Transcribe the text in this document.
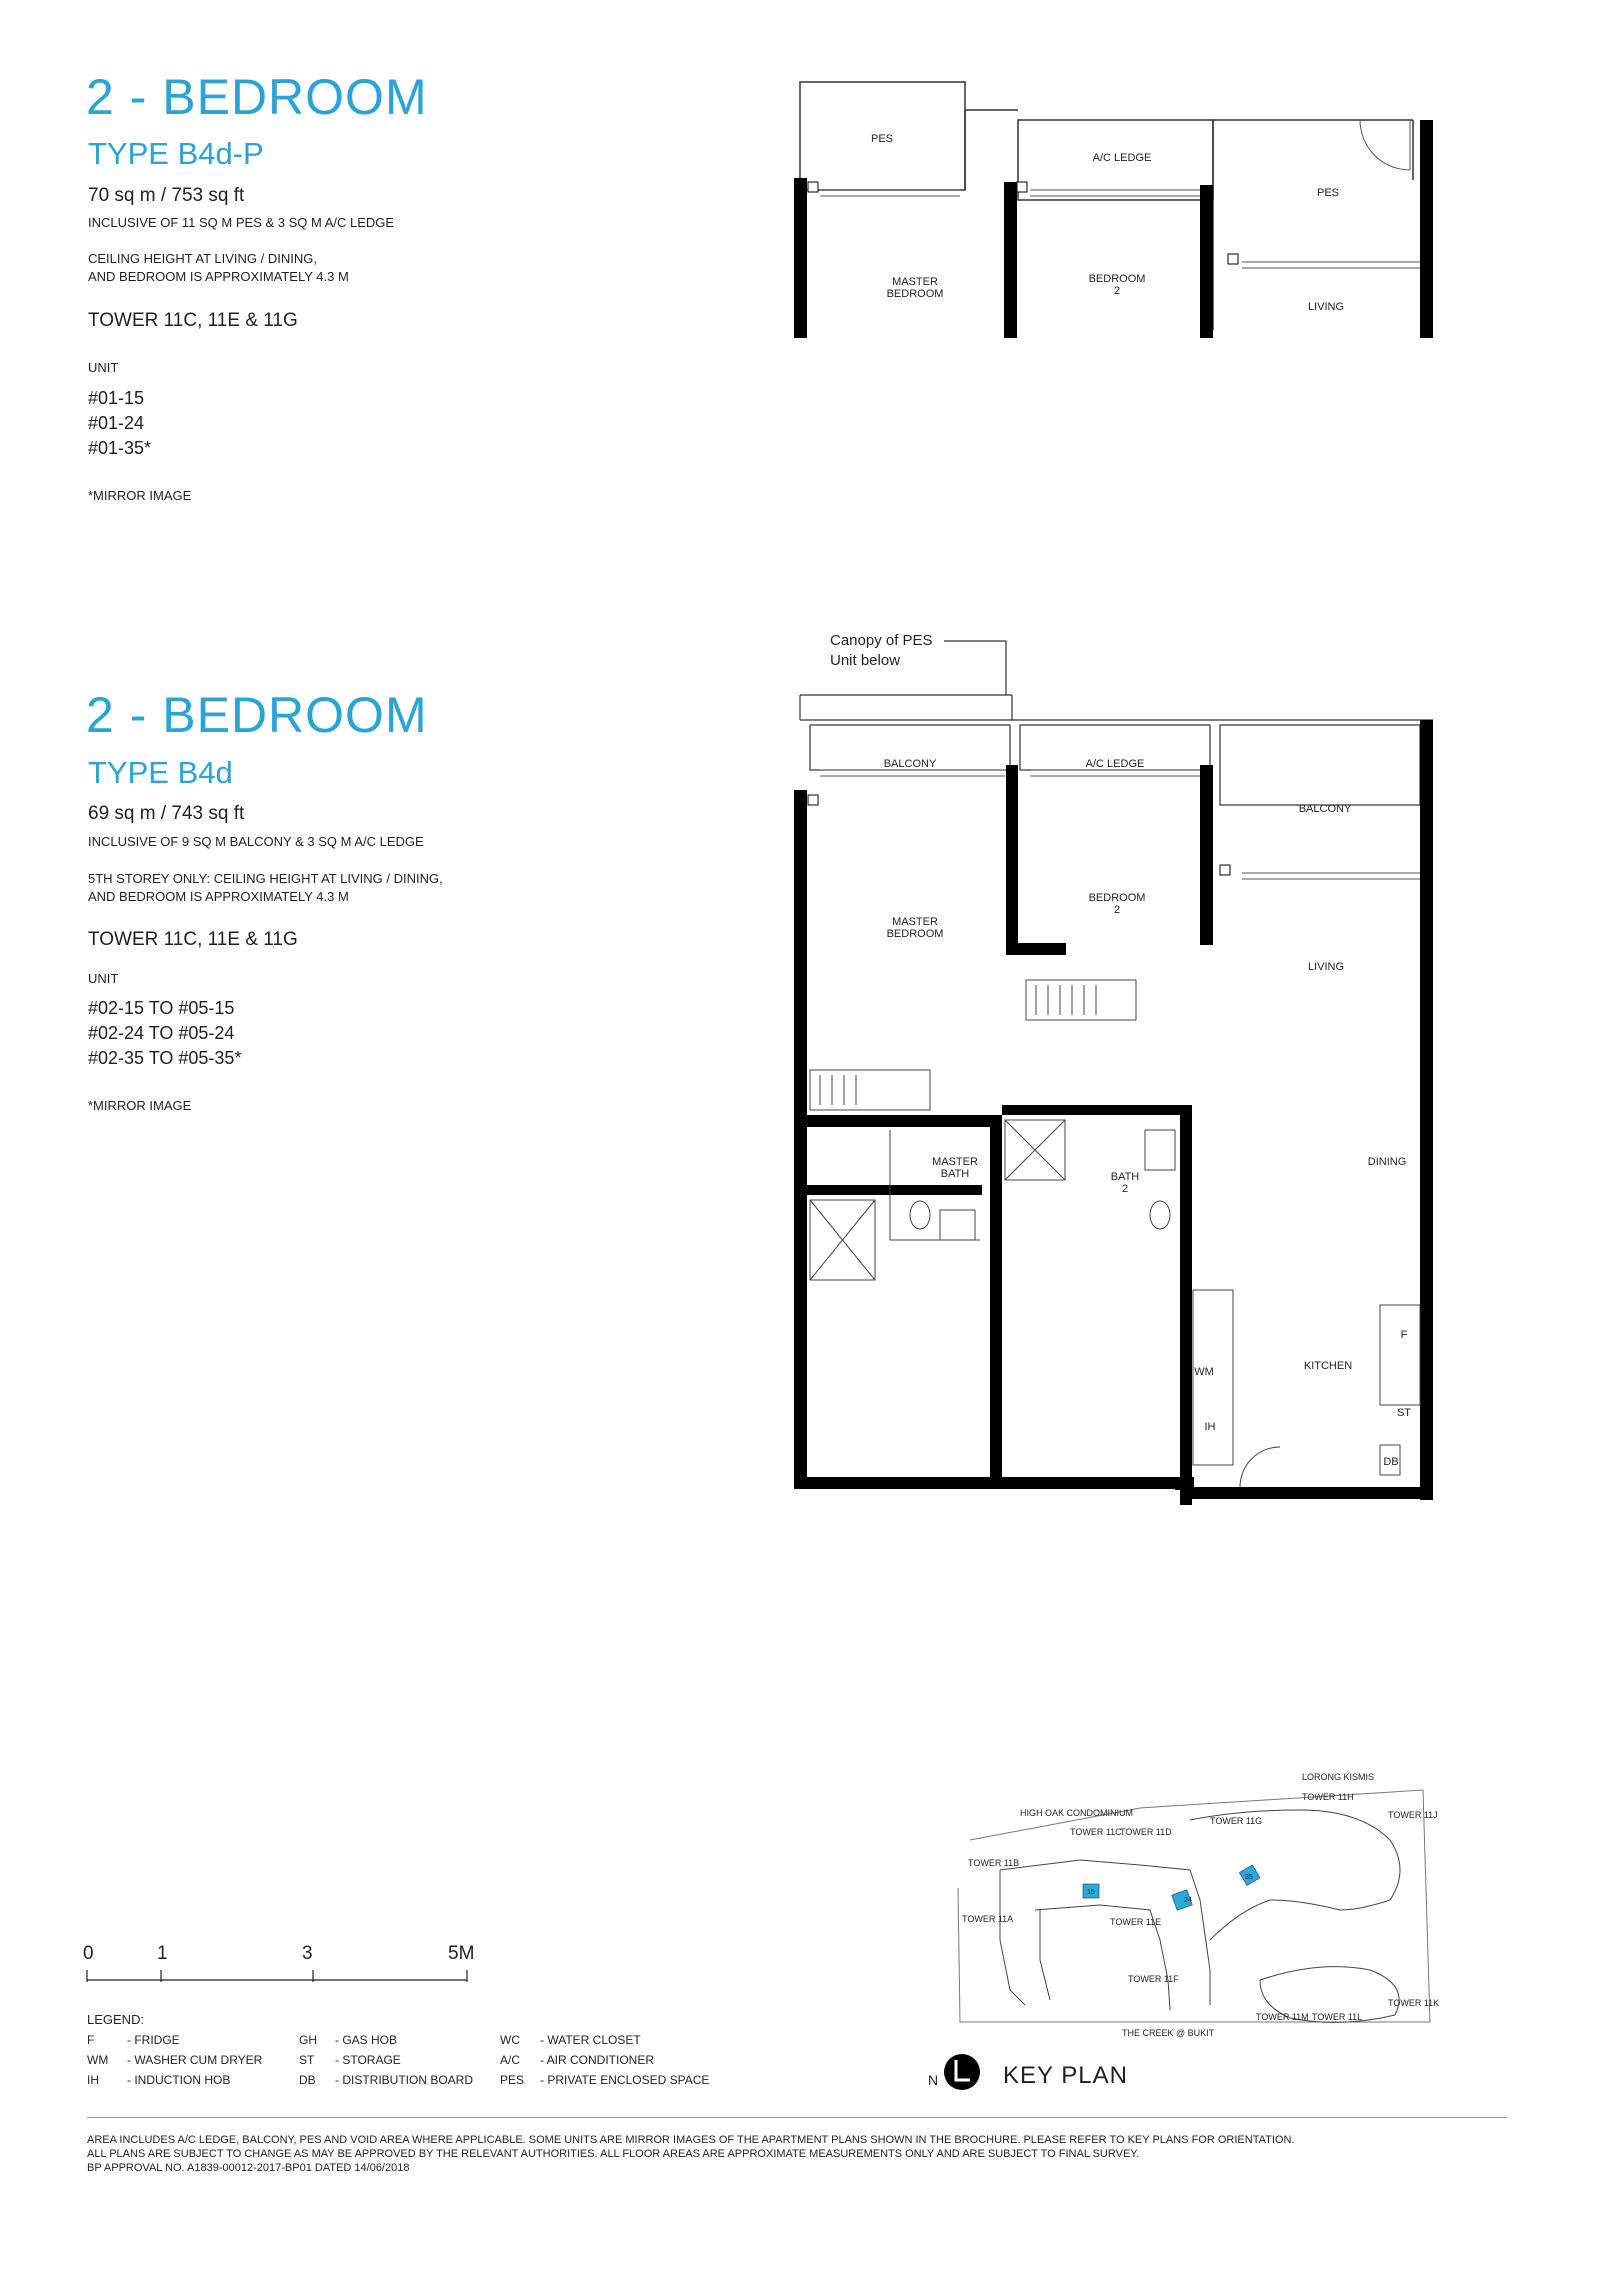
2 - BEDROOM
TYPE B4d-P
70 sq m / 753 sq ft
INCLUSIVE OF 11 SQ M PES & 3 SQ M A/C LEDGE
CEILING HEIGHT AT LIVING / DINING,
AND BEDROOM IS APPROXIMATELY 4.3 M
TOWER 11C, 11E & 11G
UNIT
#01-15
#01-24
#01-35*
*MIRROR IMAGE
PES
A/C LEDGE
PES
MASTER
BEDROOM
BEDROOM
2
LIVING
2 - BEDROOM
TYPE B4d
69 sq m / 743 sq ft
INCLUSIVE OF 9 SQ M BALCONY & 3 SQ M A/C LEDGE
5TH STOREY ONLY: CEILING HEIGHT AT LIVING / DINING,
AND BEDROOM IS APPROXIMATELY 4.3 M
TOWER 11C, 11E & 11G
UNIT
#02-15 TO #05-15
#02-24 TO #05-24
#02-35 TO #05-35*
*MIRROR IMAGE
Canopy of PES
Unit below
BALCONY	A/C LEDGE
BALCONY
MASTER
BEDROOM
BEDROOM
2
LIVING
DINING
MASTER
BATH	BATH
2
KITCHEN
WM
IH
F
ST
DB
0	1	3	5M
LEGEND:
F	- FRIDGE	GH	- GAS HOB	WC	- WATER CLOSET
WM	- WASHER CUM DRYER	ST	- STORAGE	A/C	- AIR CONDITIONER
IH	- INDUCTION HOB	DB	- DISTRIBUTION BOARD	PES	- PRIVATE ENCLOSED SPACE
24
15
35
LORONG KISMIS
HIGH OAK CONDOMINIUM
THE CREEK @ BUKIT
TOWER 11H
TOWER 11J
TOWER 11G
TOWER 11C
TOWER 11D
TOWER 11B
TOWER 11A	TOWER 11E
TOWER 11F
TOWER 11M TOWER 11L
TOWER 11K
N	KEY PLAN
AREA INCLUDES A/C LEDGE, BALCONY, PES AND VOID AREA WHERE APPLICABLE. SOME UNITS ARE MIRROR IMAGES OF THE APARTMENT PLANS SHOWN IN THE BROCHURE. PLEASE REFER TO KEY PLANS FOR ORIENTATION.
ALL PLANS ARE SUBJECT TO CHANGE AS MAY BE APPROVED BY THE RELEVANT AUTHORITIES. ALL FLOOR AREAS ARE APPROXIMATE MEASUREMENTS ONLY AND ARE SUBJECT TO FINAL SURVEY.
BP APPROVAL NO. A1839-00012-2017-BP01 DATED 14/06/2018
